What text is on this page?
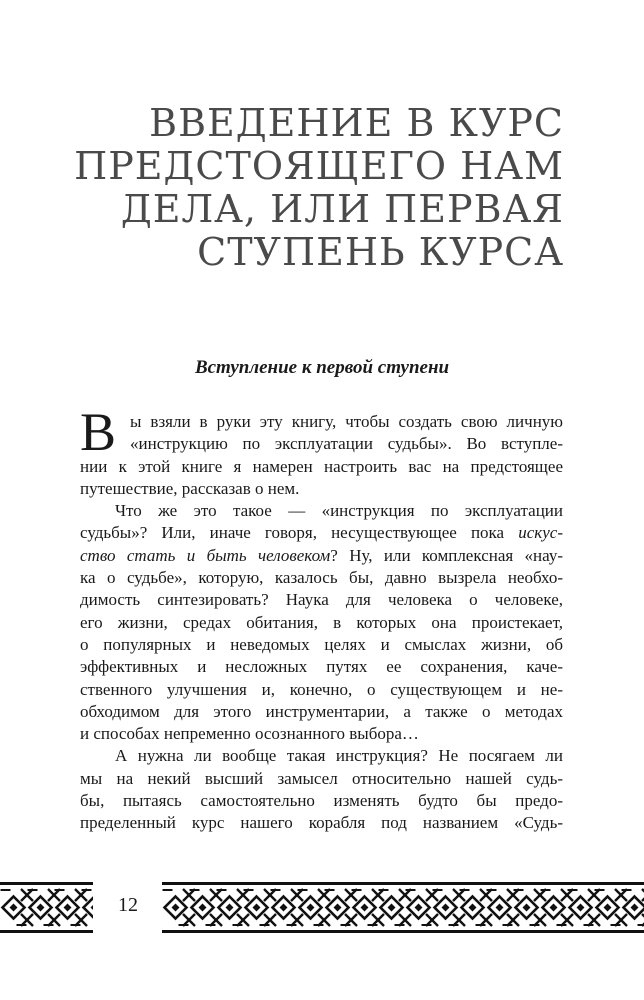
ВВЕДЕНИЕ В КУРС
ПРЕДСТОЯЩЕГО НАМ
ДЕЛА, ИЛИ ПЕРВАЯ
СТУПЕНЬ КУРСА
Вступление к первой ступени
В ы взяли в руки эту книгу, чтобы создать свою личную
«инструкцию по эксплуатации судьбы». Во вступле-
нии к этой книге я намерен настроить вас на предстоящее
путешествие, рассказав о нем.
Что же это такое — «инструкция по эксплуатации
судьбы»? Или, иначе говоря, несуществующее пока искус-
ство стать и быть человеком? Ну, или комплексная «нау-
ка о судьбе», которую, казалось бы, давно вызрела необхо-
димость синтезировать? Наука для человека о человеке,
его жизни, средах обитания, в которых она проистекает,
о популярных и неведомых целях и смыслах жизни, об
эффективных и несложных путях ее сохранения, каче-
ственного улучшения и, конечно, о существующем и не-
обходимом для этого инструментарии, а также о методах
и способах непременно осознанного выбора…
А нужна ли вообще такая инструкция? Не посягаем ли
мы на некий высший замысел относительно нашей судь-
бы, пытаясь самостоятельно изменять будто бы предо-
пределенный курс нашего корабля под названием «Судь-
12
